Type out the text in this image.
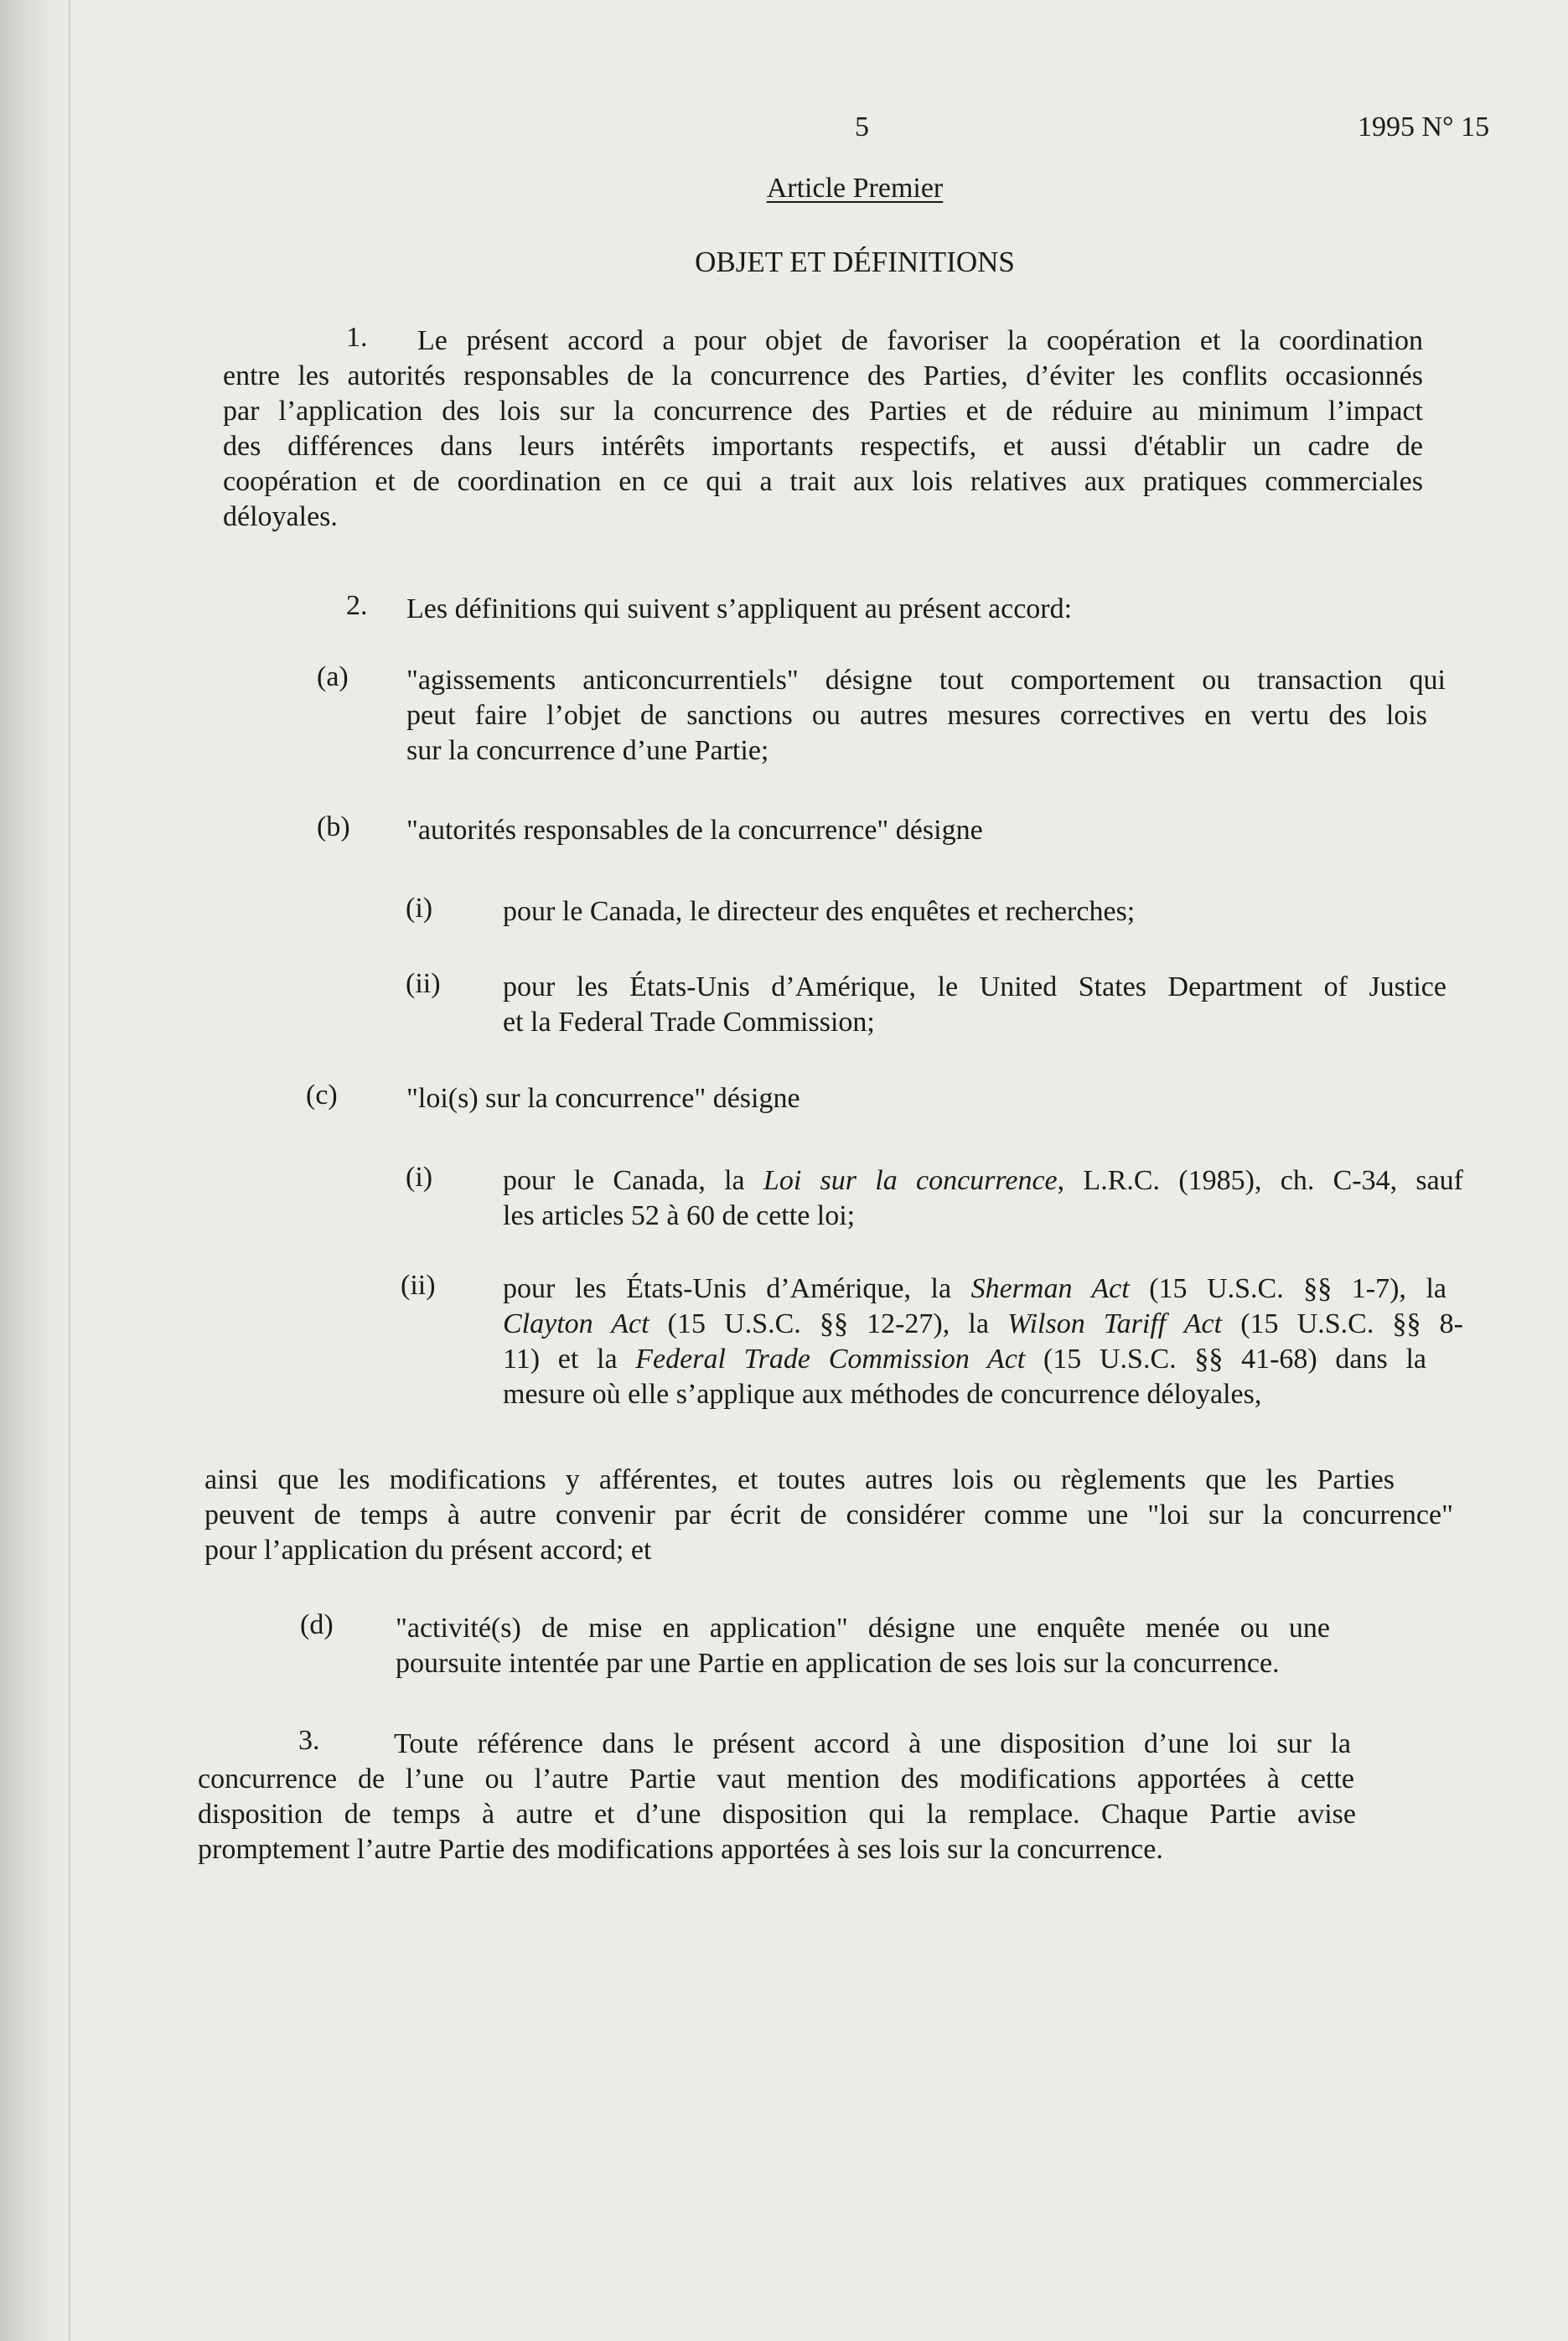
5	1995 N° 15
Article Premier
OBJET ET DÉFINITIONS
1. Le présent accord a pour objet de favoriser la coopération et la coordination
entre les autorités responsables de la concurrence des Parties, d’éviter les conflits occasionnés
par l’application des lois sur la concurrence des Parties et de réduire au minimum l’impact
des différences dans leurs intérêts importants respectifs, et aussi d'établir un cadre de
coopération et de coordination en ce qui a trait aux lois relatives aux pratiques commerciales
déloyales.
2. Les définitions qui suivent s’appliquent au présent accord:
(a) "agissements anticoncurrentiels" désigne tout comportement ou transaction qui
peut faire l’objet de sanctions ou autres mesures correctives en vertu des lois
sur la concurrence d’une Partie;
(b) "autorités responsables de la concurrence" désigne
(i) pour le Canada, le directeur des enquêtes et recherches;
(ii) pour les États-Unis d’Amérique, le United States Department of Justice
et la Federal Trade Commission;
(c) "loi(s) sur la concurrence" désigne
(i) pour le Canada, la Loi sur la concurrence, L.R.C. (1985), ch. C-34, sauf
les articles 52 à 60 de cette loi;
(ii) pour les États-Unis d’Amérique, la Sherman Act (15 U.S.C. §§ 1-7), la
Clayton Act (15 U.S.C. §§ 12-27), la Wilson Tariff Act (15 U.S.C. §§ 8-
11) et la Federal Trade Commission Act (15 U.S.C. §§ 41-68) dans la
mesure où elle s’applique aux méthodes de concurrence déloyales,
ainsi que les modifications y afférentes, et toutes autres lois ou règlements que les Parties
peuvent de temps à autre convenir par écrit de considérer comme une "loi sur la concurrence"
pour l’application du présent accord; et
(d) "activité(s) de mise en application" désigne une enquête menée ou une
poursuite intentée par une Partie en application de ses lois sur la concurrence.
3.	Toute référence dans le présent accord à une disposition d’une loi sur la
concurrence de l’une ou l’autre Partie vaut mention des modifications apportées à cette
disposition de temps à autre et d’une disposition qui la remplace. Chaque Partie avise
promptement l’autre Partie des modifications apportées à ses lois sur la concurrence.
